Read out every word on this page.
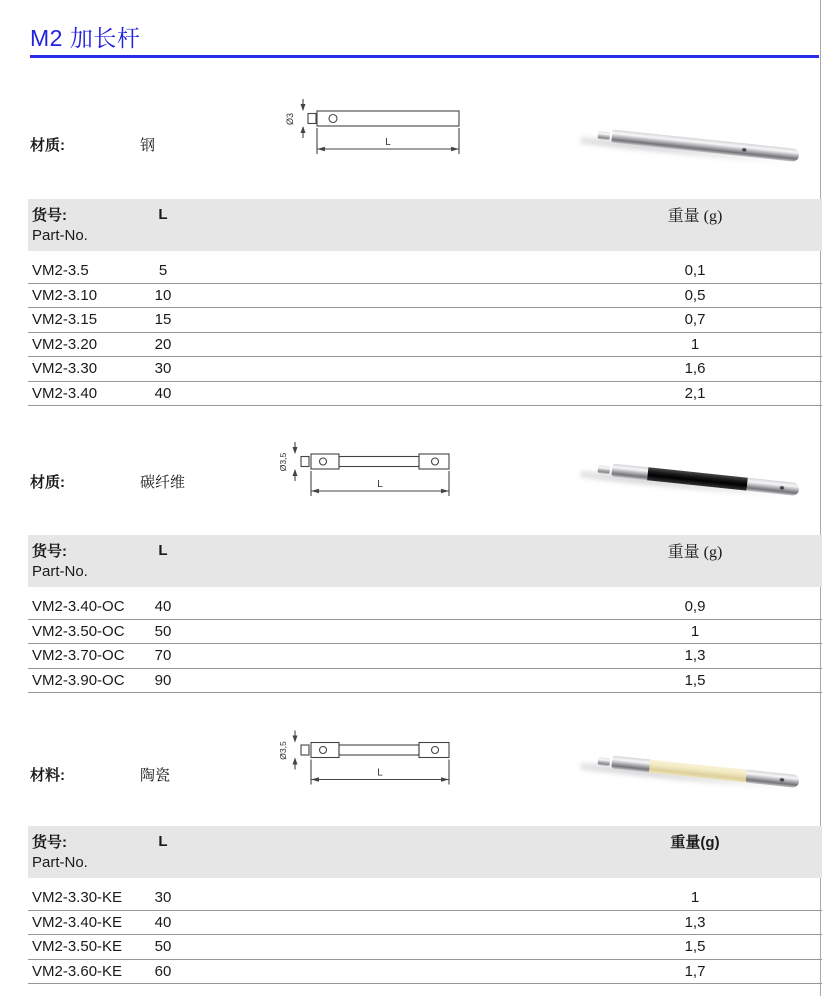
M2 加长杆
材质:	钢
Ø3
L
货号:	L	重量 (g)
Part-No.
VM2-3.5	5	0,1
VM2-3.10	10	0,5
VM2-3.15	15	0,7
VM2-3.20	20	1
VM2-3.30	30	1,6
VM2-3.40	40	2,1
材质:	碳纤维
Ø3,5
L
货号:	L	重量 (g)
Part-No.
VM2-3.40-OC	40	0,9
VM2-3.50-OC	50	1
VM2-3.70-OC	70	1,3
VM2-3.90-OC	90	1,5
材料:	陶瓷
Ø3,5
L
货号:	L	重量(g)
Part-No.
VM2-3.30-KE	30	1
VM2-3.40-KE	40	1,3
VM2-3.50-KE	50	1,5
VM2-3.60-KE	60	1,7
